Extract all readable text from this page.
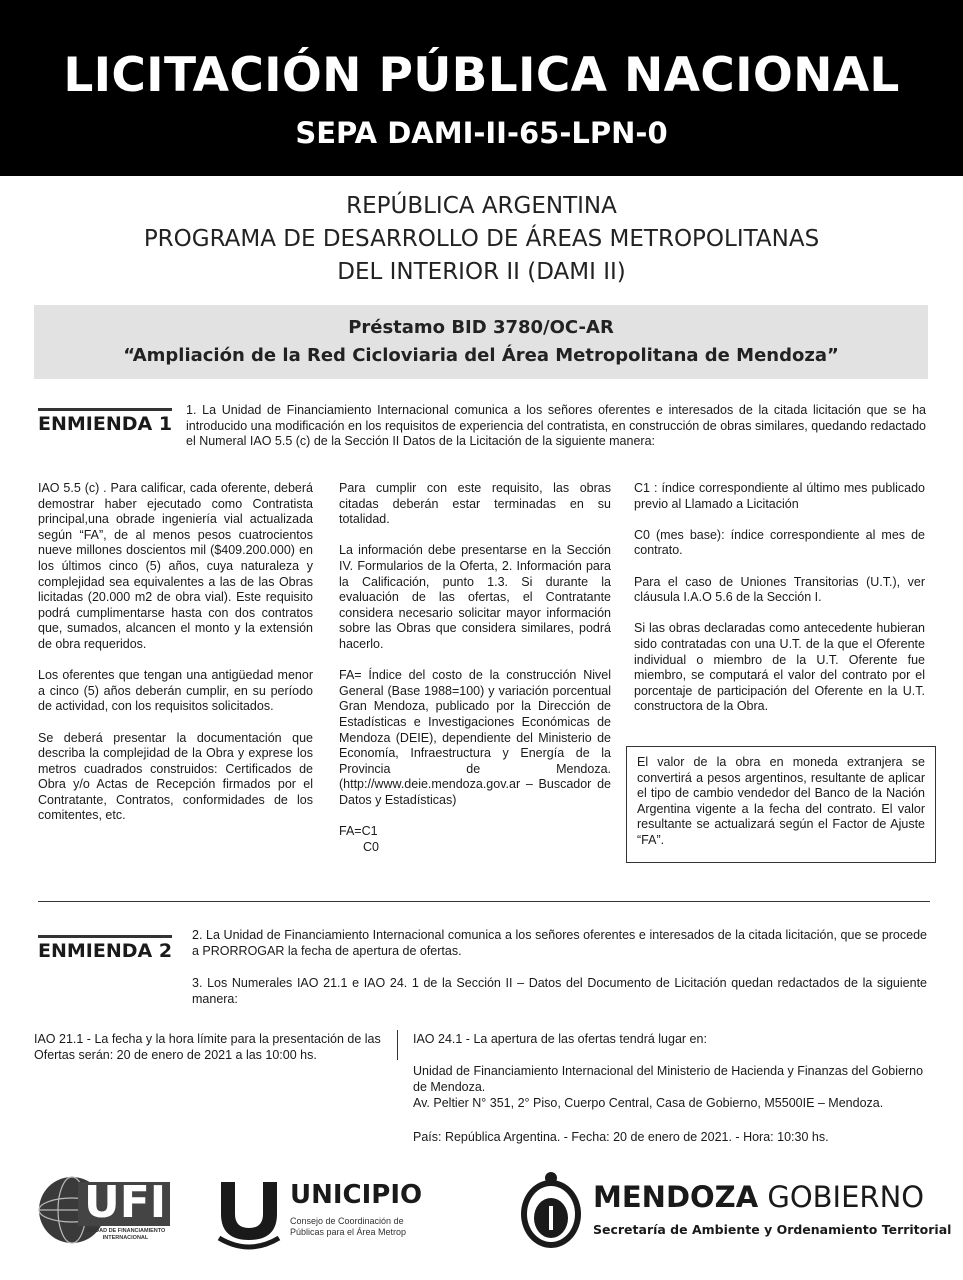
LICITACIÓN PÚBLICA NACIONAL
SEPA DAMI-II-65-LPN-0
REPÚBLICA ARGENTINA
PROGRAMA DE DESARROLLO DE ÁREAS METROPOLITANAS
DEL INTERIOR II (DAMI II)
Préstamo BID 3780/OC-AR
“Ampliación de la Red Cicloviaria del Área Metropolitana de Mendoza”
ENMIENDA 1
1. La Unidad de Financiamiento Internacional comunica a los señores oferentes e interesados de la citada licitación que se ha introducido una modificación en los requisitos de experiencia del contratista, en construcción de obras similares, quedando redactado el Numeral IAO 5.5 (c) de la Sección II Datos de la Licitación de la siguiente manera:

IAO 5.5 (c) . Para calificar, cada oferente, deberá demostrar haber ejecutado como Contratista principal,una obrade ingeniería vial actualizada según “FA”, de al menos pesos cuatrocientos nueve millones doscientos mil ($409.200.000) en los últimos cinco (5) años, cuya naturaleza y complejidad sea equivalentes a las de las Obras licitadas (20.000 m2 de obra vial). Este requisito podrá cumplimentarse hasta con dos contratos que, sumados, alcancen el monto y la extensión de obra requeridos.

Los oferentes que tengan una antigüedad menor a cinco (5) años deberán cumplir, en su período de actividad, con los requisitos solicitados.

Se deberá presentar la documentación que describa la complejidad de la Obra y exprese los metros cuadrados construidos: Certificados de Obra y/o Actas de Recepción firmados por el Contratante, Contratos, conformidades de los comitentes, etc.

Para cumplir con este requisito, las obras citadas deberán estar terminadas en su totalidad.

La información debe presentarse en la Sección IV. Formularios de la Oferta, 2. Información para la Calificación, punto 1.3. Si durante la evaluación de las ofertas, el Contratante considera necesario solicitar mayor información sobre las Obras que considera similares, podrá hacerlo.

FA= Índice del costo de la construcción Nivel General (Base 1988=100) y variación porcentual Gran Mendoza, publicado por la Dirección de Estadísticas e Investigaciones Económicas de Mendoza (DEIE), dependiente del Ministerio de Economía, Infraestructura y Energía de la Provincia de Mendoza. (http://www.deie.mendoza.gov.ar – Buscador de Datos y Estadísticas)

FA=C1
C0

C1 : índice correspondiente al último mes publicado previo al Llamado a Licitación

C0 (mes base): índice correspondiente al mes de contrato.

Para el caso de Uniones Transitorias (U.T.), ver cláusula I.A.O 5.6 de la Sección I.

Si las obras declaradas como antecedente hubieran sido contratadas con una U.T. de la que el Oferente individual o miembro de la U.T. Oferente fue miembro, se computará el valor del contrato por el porcentaje de participación del Oferente en la U.T. constructora de la Obra.

El valor de la obra en moneda extranjera se convertirá a pesos argentinos, resultante de aplicar el tipo de cambio vendedor del Banco de la Nación Argentina vigente a la fecha del contrato. El valor resultante se actualizará según el Factor de Ajuste “FA”.
ENMIENDA 2
2. La Unidad de Financiamiento Internacional comunica a los señores oferentes e interesados de la citada licitación, que se procede a PRORROGAR la fecha de apertura de ofertas.
3. Los Numerales IAO 21.1 e IAO 24. 1 de la Sección II – Datos del Documento de Licitación quedan redactados de la siguiente manera:
IAO 21.1 - La fecha y la hora límite para la presentación de las Ofertas serán: 20 de enero de 2021 a las 10:00 hs.
IAO 24.1 - La apertura de las ofertas tendrá lugar en:
Unidad de Financiamiento Internacional del Ministerio de Hacienda y Finanzas del Gobierno de Mendoza.
Av. Peltier N° 351, 2° Piso, Cuerpo Central, Casa de Gobierno, M5500IE – Mendoza.
País: República Argentina. - Fecha: 20 de enero de 2021. - Hora: 10:30 hs.
UFI
UNIDAD DE FINANCIAMIENTO INTERNACIONAL
UNICIPIO
Consejo de Coordinación de
Públicas para el Área Metrop
MENDOZA GOBIERNO
Secretaría de Ambiente y Ordenamiento Territorial
